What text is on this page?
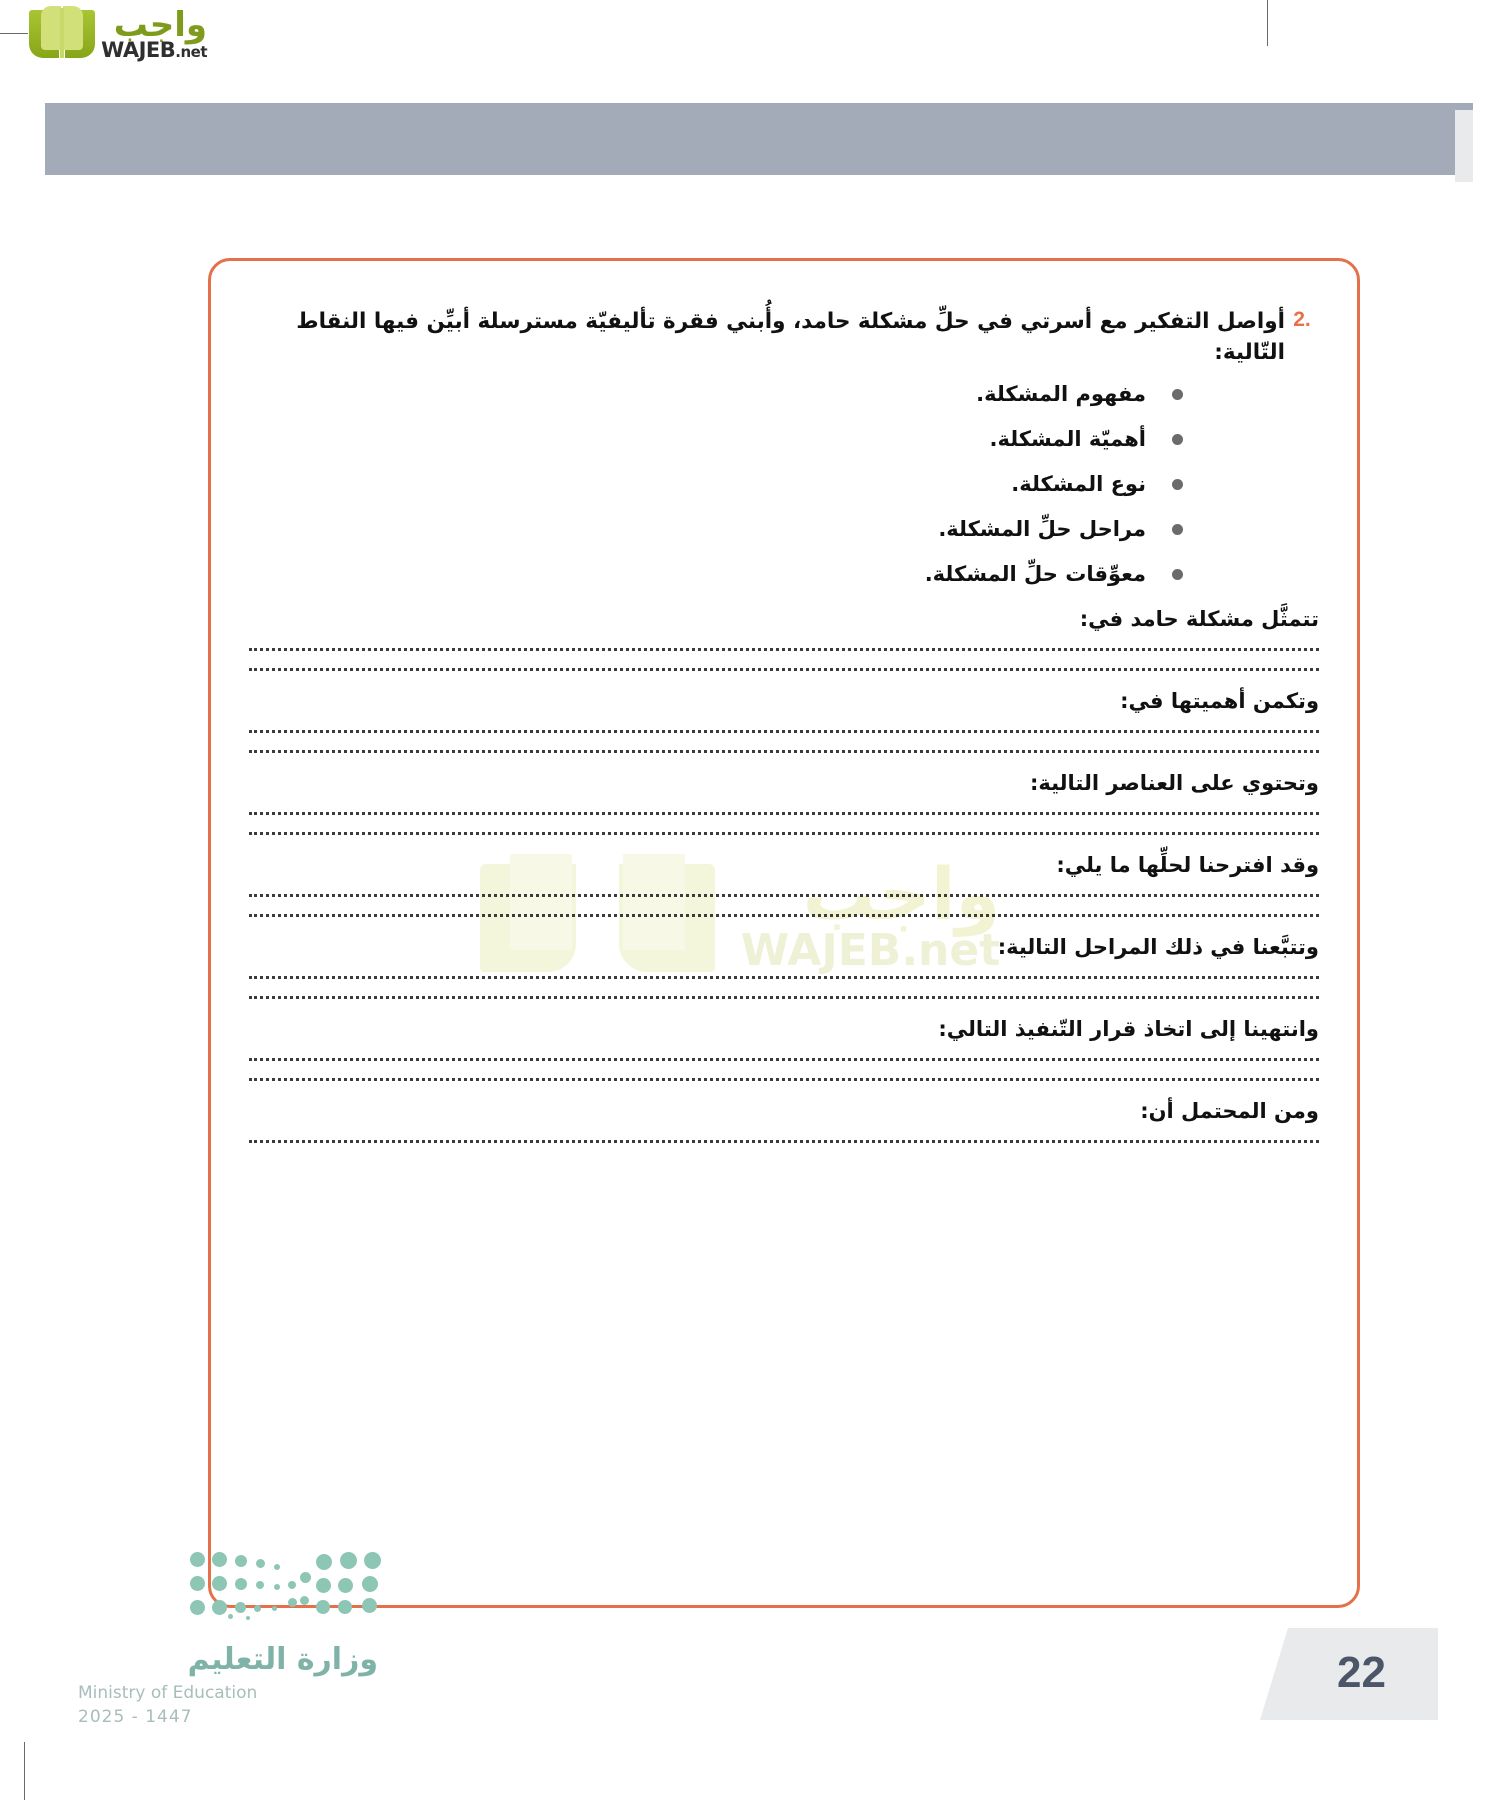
واجب
WAJEB.net
واجب
WAJEB.net
2.
أواصل التفكير مع أسرتي في حلِّ مشكلة حامد، وأُبني فقرة تأليفيّة مسترسلة أبيِّن فيها النقاط التّالية:
مفهوم المشكلة.
أهميّة المشكلة.
نوع المشكلة.
مراحل حلِّ المشكلة.
معوِّقات حلِّ المشكلة.
تتمثَّل مشكلة حامد في:
وتكمن أهميتها في:
وتحتوي على العناصر التالية:
وقد افترحنا لحلِّها ما يلي:
وتتبَّعنا في ذلك المراحل التالية:
وانتهينا إلى اتخاذ قرار التّنفيذ التالي:
ومن المحتمل أن:
وزارة التعليم
Ministry of Education
2025 - 1447
22
